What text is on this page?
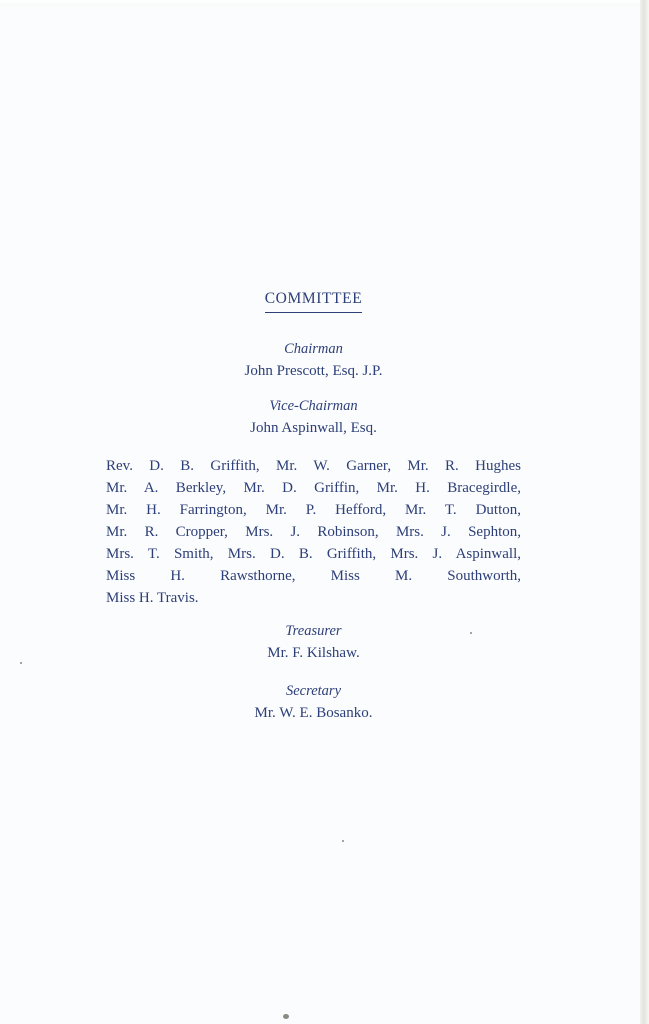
COMMITTEE
Chairman
John Prescott, Esq. J.P.
Vice-Chairman
John Aspinwall, Esq.
Rev. D. B. Griffith, Mr. W. Garner, Mr. R. Hughes
Mr. A. Berkley, Mr. D. Griffin, Mr. H. Bracegirdle,
Mr. H. Farrington, Mr. P. Hefford, Mr. T. Dutton,
Mr. R. Cropper, Mrs. J. Robinson, Mrs. J. Sephton,
Mrs. T. Smith, Mrs. D. B. Griffith, Mrs. J. Aspinwall,
Miss H. Rawsthorne, Miss M. Southworth,
Miss H. Travis.
Treasurer
Mr. F. Kilshaw.
Secretary
Mr. W. E. Bosanko.
